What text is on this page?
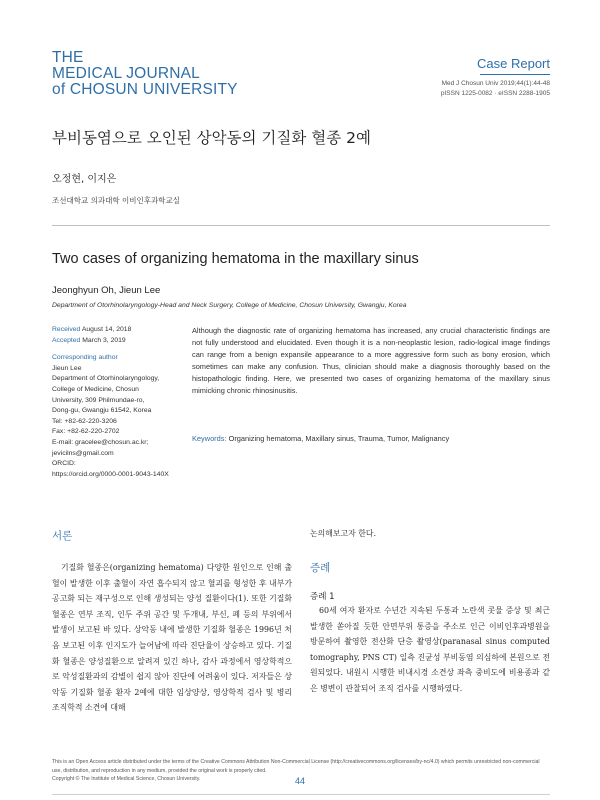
THE
MEDICAL JOURNAL
of CHOSUN UNIVERSITY
Case Report
Med J Chosun Univ 2019;44(1):44-48
pISSN 1225-0082 · eISSN 2288-1905
부비동염으로 오인된 상악동의 기질화 혈종 2예
오정현, 이지은
조선대학교 의과대학 이비인후과학교실
Two cases of organizing hematoma in the maxillary sinus
Jeonghyun Oh, Jieun Lee
Department of Otorhinolaryngology-Head and Neck Surgery, College of Medicine, Chosun University, Gwangju, Korea
Received August 14, 2018
Accepted March 3, 2019
Corresponding author
Jieun Lee
Department of Otorhinolaryngology,
College of Medicine, Chosun
University, 309 Philmundae-ro,
Dong-gu, Gwangju 61542, Korea
Tel: +82-62-220-3206
Fax: +82-62-220-2702
E-mail: gracelee@chosun.ac.kr;
jevicilns@gmail.com
ORCID:
https://orcid.org/0000-0001-9043-140X
Although the diagnostic rate of organizing hematoma has increased, any crucial characteristic findings are not fully understood and elucidated. Even though it is a non-neoplastic lesion, radio-logical image findings can range from a benign expansile appearance to a more aggressive form such as bony erosion, which sometimes can make any confusion. Thus, clinician should make a diagnosis thoroughly based on the histopathologic finding. Here, we presented two cases of organizing hematoma of the maxillary sinus mimicking chronic rhinosinusitis.
Keywords: Organizing hematoma, Maxillary sinus, Trauma, Tumor, Malignancy
서론

기질화 혈종은(organizing hematoma) 다양한 원인으로 인해 출혈이 발생한 이후 출혈이 자연 흡수되지 않고 혈괴를 형성한 후 내부가 공고화 되는 재구성으로 인해 생성되는 양성 질환이다(1). 또한 기질화 혈종은 연부 조직, 인두 주위 공간 및 두개내, 부신, 폐 등의 부위에서 발생이 보고된 바 있다. 상악동 내에 발생한 기질화 혈종은 1996년 처음 보고된 이후 인지도가 늘어남에 따라 진단율이 상승하고 있다. 기질화 혈종은 양성질환으로 알려져 있긴 하나, 감사 과정에서 영상학적으로 악성질환과의 감별이 쉽지 않아 진단에 어려움이 있다. 저자들은 상악동 기질화 혈종 환자 2예에 대한 임상양상, 영상학적 검사 및 병리 조직학적 소견에 대해

논의해보고자 한다.
증례
증례 1

60세 여자 환자로 수년간 지속된 두통과 노란색 콧물 증상 및 최근 발생한 쏟아질 듯한 안면부위 통증을 주소로 인근 이비인후과병원을 방문하여 촬영한 전산화 단층 촬영상(paranasal sinus computed tomography, PNS CT) 일측 진균성 부비동염 의심하에 본원으로 전원되었다. 내원시 시행한 비내시경 소견상 좌측 중비도에 비용종과 같은 병변이 관찰되어 조직 검사를 시행하였다.

44
This is an Open Access article distributed under the terms of the Creative Commons Attribution Non-Commercial License (http://creativecommons.org/licenses/by-nc/4.0) which permits unrestricted non-commercial use, distribution, and reproduction in any medium, provided the original work is properly cited.
Copyright © The Institute of Medical Science, Chosun University.
